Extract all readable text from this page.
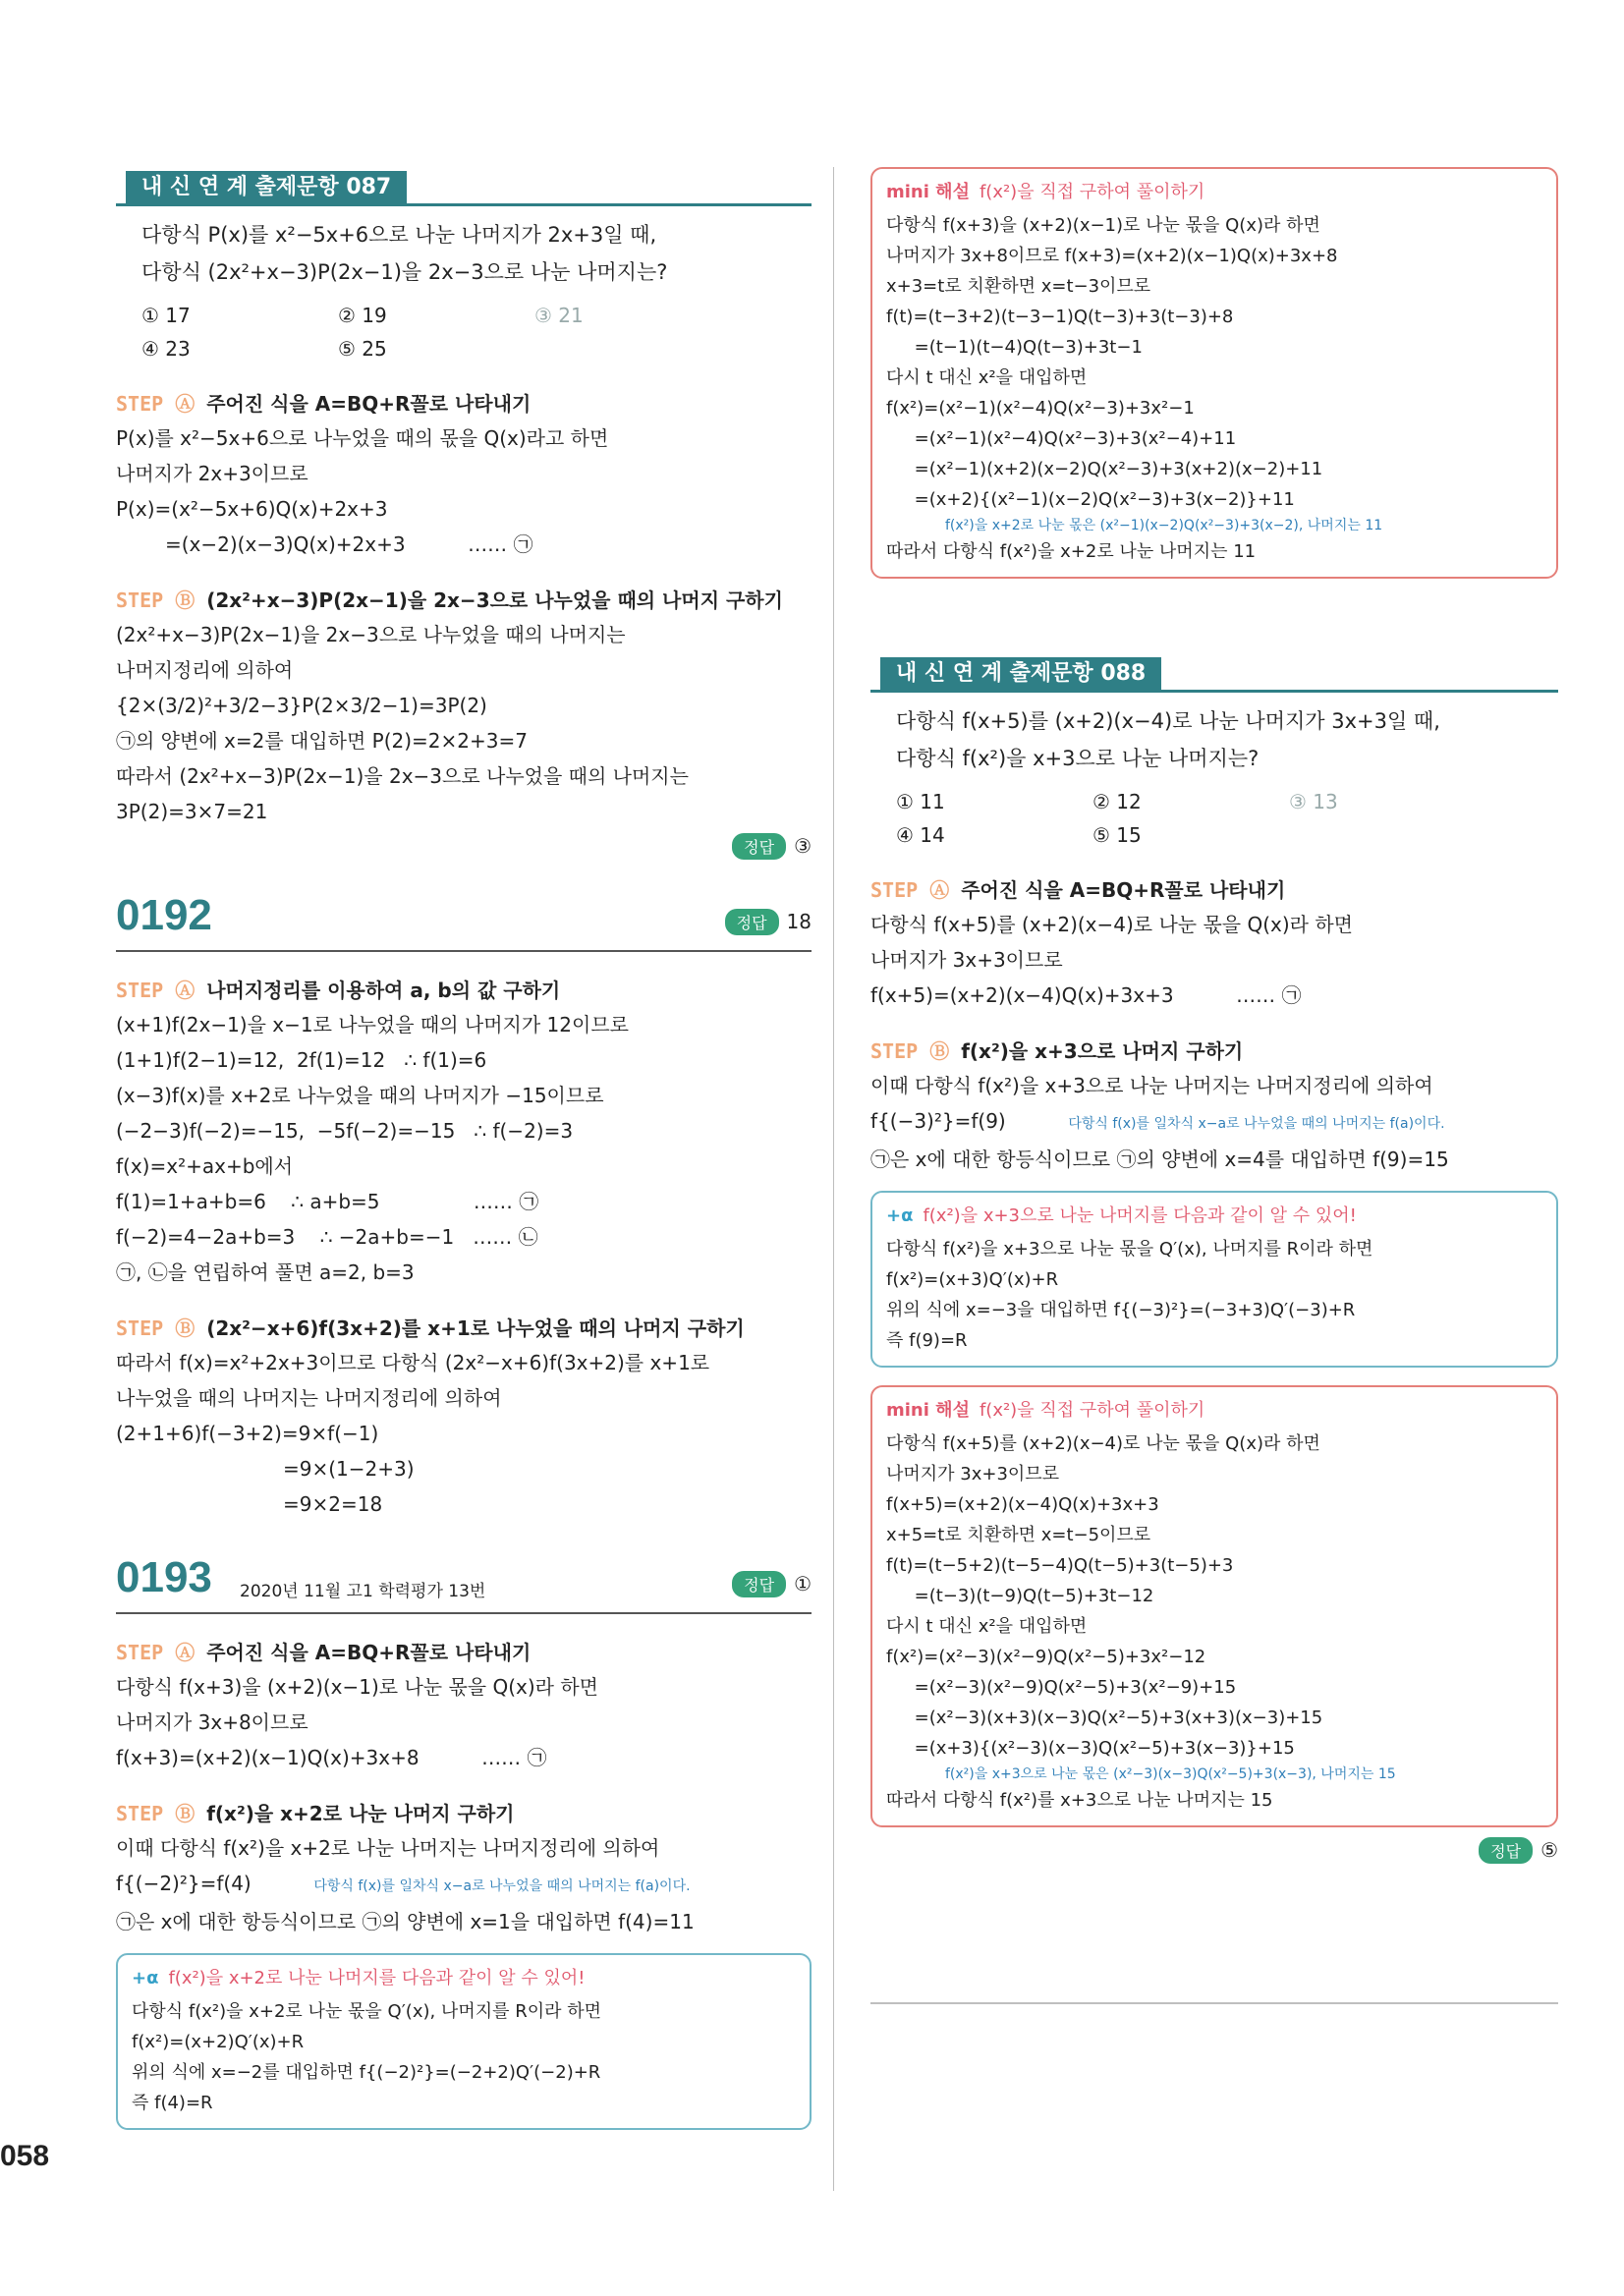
내 신 연 계 출제문항 087
다항식 P(x)를 x²−5x+6으로 나눈 나머지가 2x+3일 때,
다항식 (2x²+x−3)P(2x−1)을 2x−3으로 나눈 나머지는?
① 17	② 19	③ 21
④ 23	⑤ 25
STEP Ⓐ 주어진 식을 A=BQ+R꼴로 나타내기
P(x)를 x²−5x+6으로 나누었을 때의 몫을 Q(x)라고 하면
나머지가 2x+3이므로
P(x)=(x²−5x+6)Q(x)+2x+3
=(x−2)(x−3)Q(x)+2x+3          …… ㉠
STEP Ⓑ (2x²+x−3)P(2x−1)을 2x−3으로 나누었을 때의 나머지 구하기
(2x²+x−3)P(2x−1)을 2x−3으로 나누었을 때의 나머지는
나머지정리에 의하여
{2×(3/2)²+3/2−3}P(2×3/2−1)=3P(2)
㉠의 양변에 x=2를 대입하면 P(2)=2×2+3=7
따라서 (2x²+x−3)P(2x−1)을 2x−3으로 나누었을 때의 나머지는
3P(2)=3×7=21
정답 ③
0192	정답 18
STEP Ⓐ 나머지정리를 이용하여 a, b의 값 구하기
(x+1)f(2x−1)을 x−1로 나누었을 때의 나머지가 12이므로
(1+1)f(2−1)=12,  2f(1)=12   ∴ f(1)=6
(x−3)f(x)를 x+2로 나누었을 때의 나머지가 −15이므로
(−2−3)f(−2)=−15,  −5f(−2)=−15   ∴ f(−2)=3
f(x)=x²+ax+b에서
f(1)=1+a+b=6    ∴ a+b=5               …… ㉠
f(−2)=4−2a+b=3    ∴ −2a+b=−1   …… ㉡
㉠, ㉡을 연립하여 풀면 a=2, b=3
STEP Ⓑ (2x²−x+6)f(3x+2)를 x+1로 나누었을 때의 나머지 구하기
따라서 f(x)=x²+2x+3이므로 다항식 (2x²−x+6)f(3x+2)를 x+1로
나누었을 때의 나머지는 나머지정리에 의하여
(2+1+6)f(−3+2)=9×f(−1)
=9×(1−2+3)
=9×2=18
0193 2020년 11월 고1 학력평가 13번	정답 ①
STEP Ⓐ 주어진 식을 A=BQ+R꼴로 나타내기
다항식 f(x+3)을 (x+2)(x−1)로 나눈 몫을 Q(x)라 하면
나머지가 3x+8이므로
f(x+3)=(x+2)(x−1)Q(x)+3x+8          …… ㉠
STEP Ⓑ f(x²)을 x+2로 나눈 나머지 구하기
이때 다항식 f(x²)을 x+2로 나눈 나머지는 나머지정리에 의하여
f{(−2)²}=f(4)	다항식 f(x)를 일차식 x−a로 나누었을 때의 나머지는 f(a)이다.
㉠은 x에 대한 항등식이므로 ㉠의 양변에 x=1을 대입하면 f(4)=11
+α f(x²)을 x+2로 나눈 나머지를 다음과 같이 알 수 있어!
다항식 f(x²)을 x+2로 나눈 몫을 Q′(x), 나머지를 R이라 하면
f(x²)=(x+2)Q′(x)+R
위의 식에 x=−2를 대입하면 f{(−2)²}=(−2+2)Q′(−2)+R
즉 f(4)=R
mini 해설 f(x²)을 직접 구하여 풀이하기
다항식 f(x+3)을 (x+2)(x−1)로 나눈 몫을 Q(x)라 하면
나머지가 3x+8이므로 f(x+3)=(x+2)(x−1)Q(x)+3x+8
x+3=t로 치환하면 x=t−3이므로
f(t)=(t−3+2)(t−3−1)Q(t−3)+3(t−3)+8
=(t−1)(t−4)Q(t−3)+3t−1
다시 t 대신 x²을 대입하면
f(x²)=(x²−1)(x²−4)Q(x²−3)+3x²−1
=(x²−1)(x²−4)Q(x²−3)+3(x²−4)+11
=(x²−1)(x+2)(x−2)Q(x²−3)+3(x+2)(x−2)+11
=(x+2){(x²−1)(x−2)Q(x²−3)+3(x−2)}+11
f(x²)을 x+2로 나눈 몫은 (x²−1)(x−2)Q(x²−3)+3(x−2), 나머지는 11
따라서 다항식 f(x²)을 x+2로 나눈 나머지는 11
내 신 연 계 출제문항 088
다항식 f(x+5)를 (x+2)(x−4)로 나눈 나머지가 3x+3일 때,
다항식 f(x²)을 x+3으로 나눈 나머지는?
① 11	② 12	③ 13
④ 14	⑤ 15
STEP Ⓐ 주어진 식을 A=BQ+R꼴로 나타내기
다항식 f(x+5)를 (x+2)(x−4)로 나눈 몫을 Q(x)라 하면
나머지가 3x+3이므로
f(x+5)=(x+2)(x−4)Q(x)+3x+3          …… ㉠
STEP Ⓑ f(x²)을 x+3으로 나머지 구하기
이때 다항식 f(x²)을 x+3으로 나눈 나머지는 나머지정리에 의하여
f{(−3)²}=f(9)	다항식 f(x)를 일차식 x−a로 나누었을 때의 나머지는 f(a)이다.
㉠은 x에 대한 항등식이므로 ㉠의 양변에 x=4를 대입하면 f(9)=15
+α f(x²)을 x+3으로 나눈 나머지를 다음과 같이 알 수 있어!
다항식 f(x²)을 x+3으로 나눈 몫을 Q′(x), 나머지를 R이라 하면
f(x²)=(x+3)Q′(x)+R
위의 식에 x=−3을 대입하면 f{(−3)²}=(−3+3)Q′(−3)+R
즉 f(9)=R
mini 해설 f(x²)을 직접 구하여 풀이하기
다항식 f(x+5)를 (x+2)(x−4)로 나눈 몫을 Q(x)라 하면
나머지가 3x+3이므로
f(x+5)=(x+2)(x−4)Q(x)+3x+3
x+5=t로 치환하면 x=t−5이므로
f(t)=(t−5+2)(t−5−4)Q(t−5)+3(t−5)+3
=(t−3)(t−9)Q(t−5)+3t−12
다시 t 대신 x²을 대입하면
f(x²)=(x²−3)(x²−9)Q(x²−5)+3x²−12
=(x²−3)(x²−9)Q(x²−5)+3(x²−9)+15
=(x²−3)(x+3)(x−3)Q(x²−5)+3(x+3)(x−3)+15
=(x+3){(x²−3)(x−3)Q(x²−5)+3(x−3)}+15
f(x²)을 x+3으로 나눈 몫은 (x²−3)(x−3)Q(x²−5)+3(x−3), 나머지는 15
따라서 다항식 f(x²)를 x+3으로 나눈 나머지는 15
정답 ⑤
058
